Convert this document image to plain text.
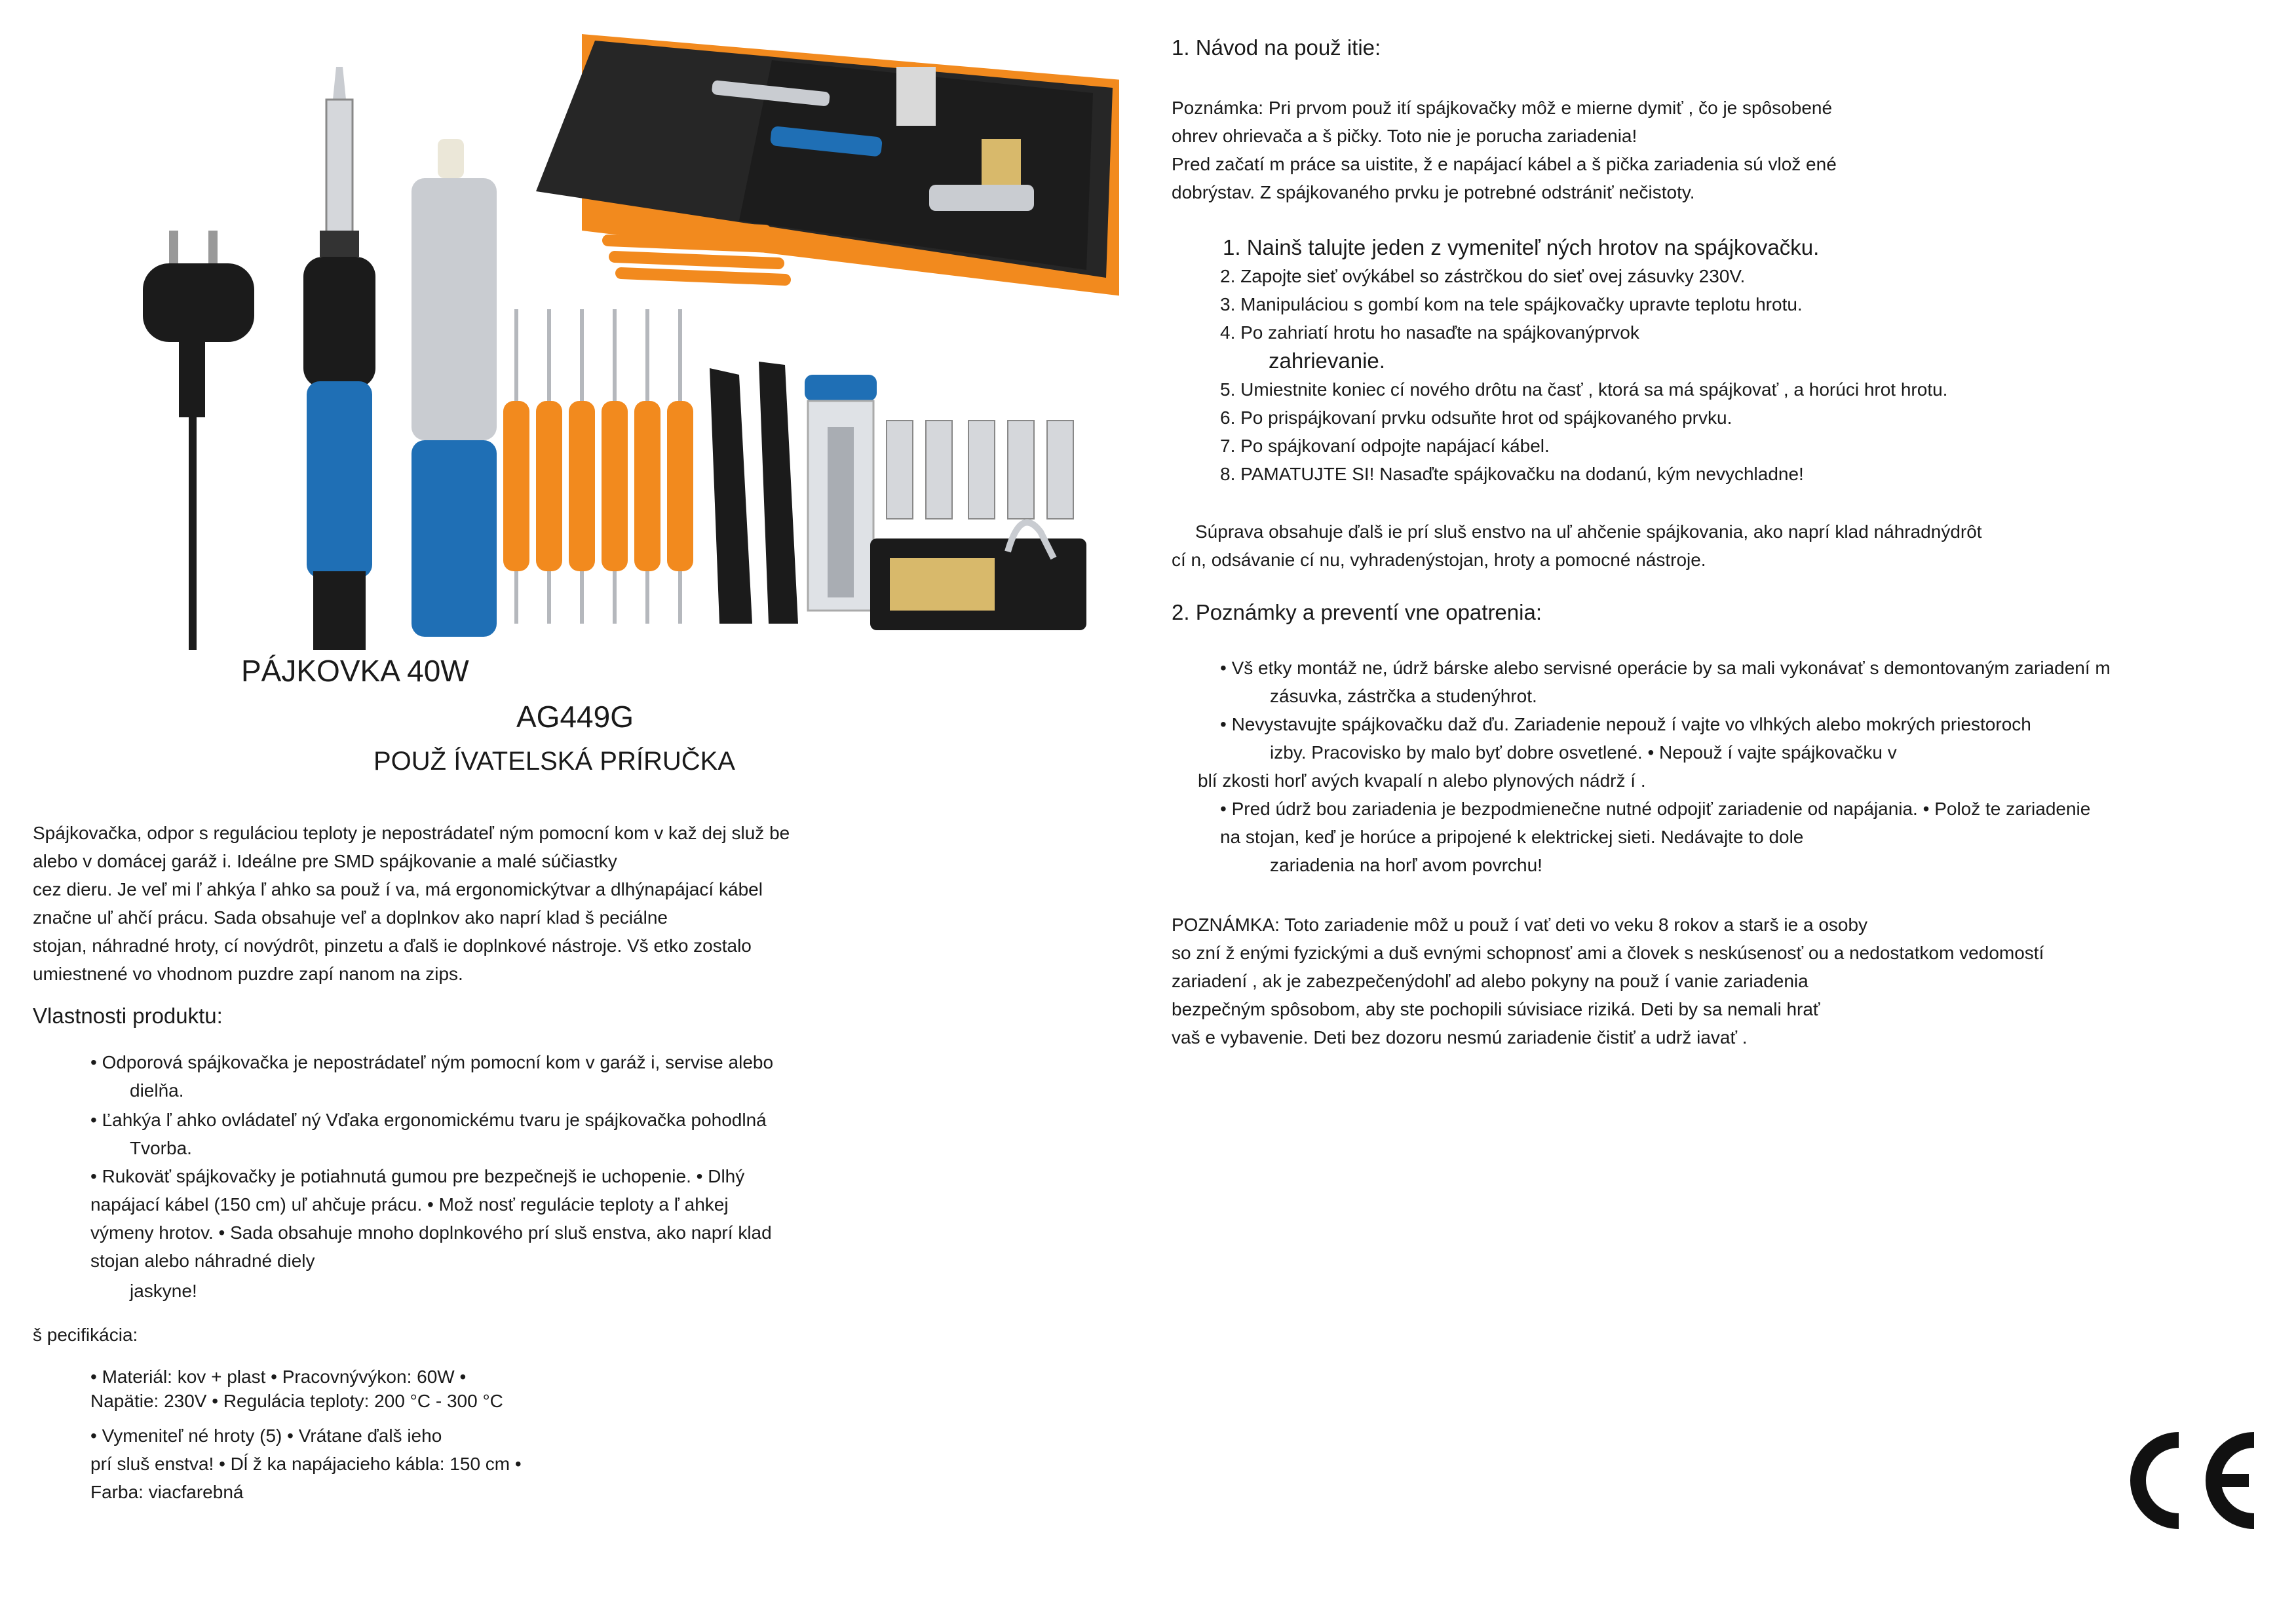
PÁJKOVKA 40W
AG449G
POUŽ ÍVATELSKÁ PRÍRUČKA
Spájkovačka, odpor s reguláciou teploty je nepostrádateľ ným pomocní kom v kaž dej služ be
alebo v domácej garáž i. Ideálne pre SMD spájkovanie a malé súčiastky
cez dieru. Je veľ mi ľ ahkýa ľ ahko sa použ í va, má ergonomickýtvar a dlhýnapájací kábel
značne uľ ahčí prácu. Sada obsahuje veľ a doplnkov ako naprí klad š peciálne
stojan, náhradné hroty, cí novýdrôt, pinzetu a ďalš ie doplnkové nástroje. Vš etko zostalo
umiestnené vo vhodnom puzdre zapí nanom na zips.
Vlastnosti produktu:
• Odporová spájkovačka je nepostrádateľ ným pomocní kom v garáž i, servise alebo
dielňa.
• Ľahkýa ľ ahko ovládateľ ný Vďaka ergonomickému tvaru je spájkovačka pohodlná
Tvorba.
• Rukoväť spájkovačky je potiahnutá gumou pre bezpečnejš ie uchopenie. • Dlhý
napájací kábel (150 cm) uľ ahčuje prácu. • Mož nosť regulácie teploty a ľ ahkej
výmeny hrotov. • Sada obsahuje mnoho doplnkového prí sluš enstva, ako naprí klad
stojan alebo náhradné diely
jaskyne!
š pecifikácia:
• Materiál: kov + plast • Pracovnývýkon: 60W •
Napätie: 230V • Regulácia teploty: 200 °C - 300 °C
• Vymeniteľ né hroty (5) • Vrátane ďalš ieho
prí sluš enstva! • Dĺ ž ka napájacieho kábla: 150 cm •
Farba: viacfarebná
1. Návod na použ itie:
Poznámka: Pri prvom použ ití spájkovačky môž e mierne dymiť , čo je spôsobené
ohrev ohrievača a š pičky. Toto nie je porucha zariadenia!
Pred začatí m práce sa uistite, ž e napájací kábel a š pička zariadenia sú vlož ené
dobrýstav. Z spájkovaného prvku je potrebné odstrániť nečistoty.
1. Nainš talujte jeden z vymeniteľ ných hrotov na spájkovačku.
2. Zapojte sieť ovýkábel so zástrčkou do sieť ovej zásuvky 230V.
3. Manipuláciou s gombí kom na tele spájkovačky upravte teplotu hrotu.
4. Po zahriatí hrotu ho nasaďte na spájkovanýprvok
zahrievanie.
5. Umiestnite koniec cí nového drôtu na časť , ktorá sa má spájkovať , a horúci hrot hrotu.
6. Po prispájkovaní prvku odsuňte hrot od spájkovaného prvku.
7. Po spájkovaní odpojte napájací kábel.
8. PAMATUJTE SI! Nasaďte spájkovačku na dodanú, kým nevychladne!
Súprava obsahuje ďalš ie prí sluš enstvo na uľ ahčenie spájkovania, ako naprí klad náhradnýdrôt
cí n, odsávanie cí nu, vyhradenýstojan, hroty a pomocné nástroje.
2. Poznámky a preventí vne opatrenia:
• Vš etky montáž ne, údrž bárske alebo servisné operácie by sa mali vykonávať s demontovaným zariadení m
zásuvka, zástrčka a studenýhrot.
• Nevystavujte spájkovačku daž ďu. Zariadenie nepouž í vajte vo vlhkých alebo mokrých priestoroch
izby. Pracovisko by malo byť dobre osvetlené. • Nepouž í vajte spájkovačku v
blí zkosti horľ avých kvapalí n alebo plynových nádrž í .
• Pred údrž bou zariadenia je bezpodmienečne nutné odpojiť zariadenie od napájania. • Polož te zariadenie
na stojan, keď je horúce a pripojené k elektrickej sieti. Nedávajte to dole
zariadenia na horľ avom povrchu!
POZNÁMKA: Toto zariadenie môž u použ í vať deti vo veku 8 rokov a starš ie a osoby
so zní ž enými fyzickými a duš evnými schopnosť ami a človek s neskúsenosť ou a nedostatkom vedomostí
zariadení , ak je zabezpečenýdohľ ad alebo pokyny na použ í vanie zariadenia
bezpečným spôsobom, aby ste pochopili súvisiace riziká. Deti by sa nemali hrať
vaš e vybavenie. Deti bez dozoru nesmú zariadenie čistiť a udrž iavať .
